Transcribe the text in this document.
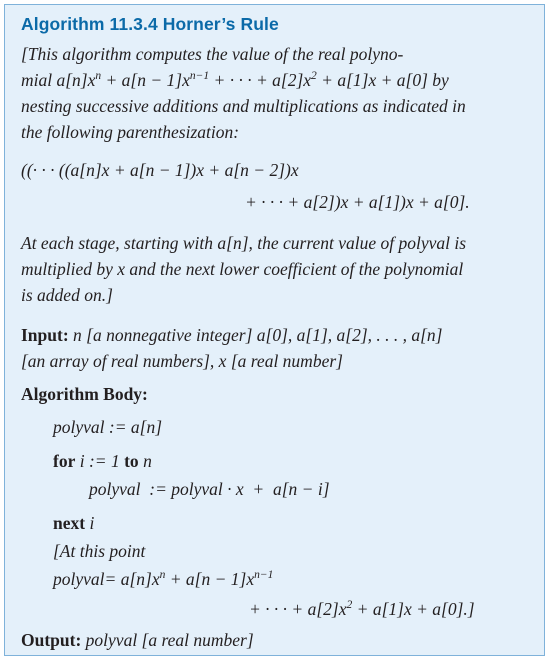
Algorithm 11.3.4 Horner’s Rule
[This algorithm computes the value of the real polyno-
mial $a[n]x^n + a[n - 1]x^{n-1}$ + · · · + $a[2]x^2 + a[1]x + a[0]$ by
nesting successive additions and multiplications as indicated in
the following parenthesization:
((· · · ((a[n]x + a[n − 1])x + a[n − 2])x
+ · · · + a[2])x + a[1])x + a[0].
At each stage, starting with a[n], the current value of polyval is
multiplied by x and the next lower coefficient of the polynomial
is added on.]
Input: n [a nonnegative integer] a[0], a[1], a[2], . . . , a[n]
[an array of real numbers], x [a real number]
Algorithm Body:
polyval := a[n]
for i := 1 to n
polyval  := polyval · x  +  a[n − i]
next i
[At this point
polyval= $a[n]x^n + a[n - 1]x^{n-1}$
+ · · · + $a[2]x^2 + a[1]x + a[0]$.]
Output: polyval [a real number]
